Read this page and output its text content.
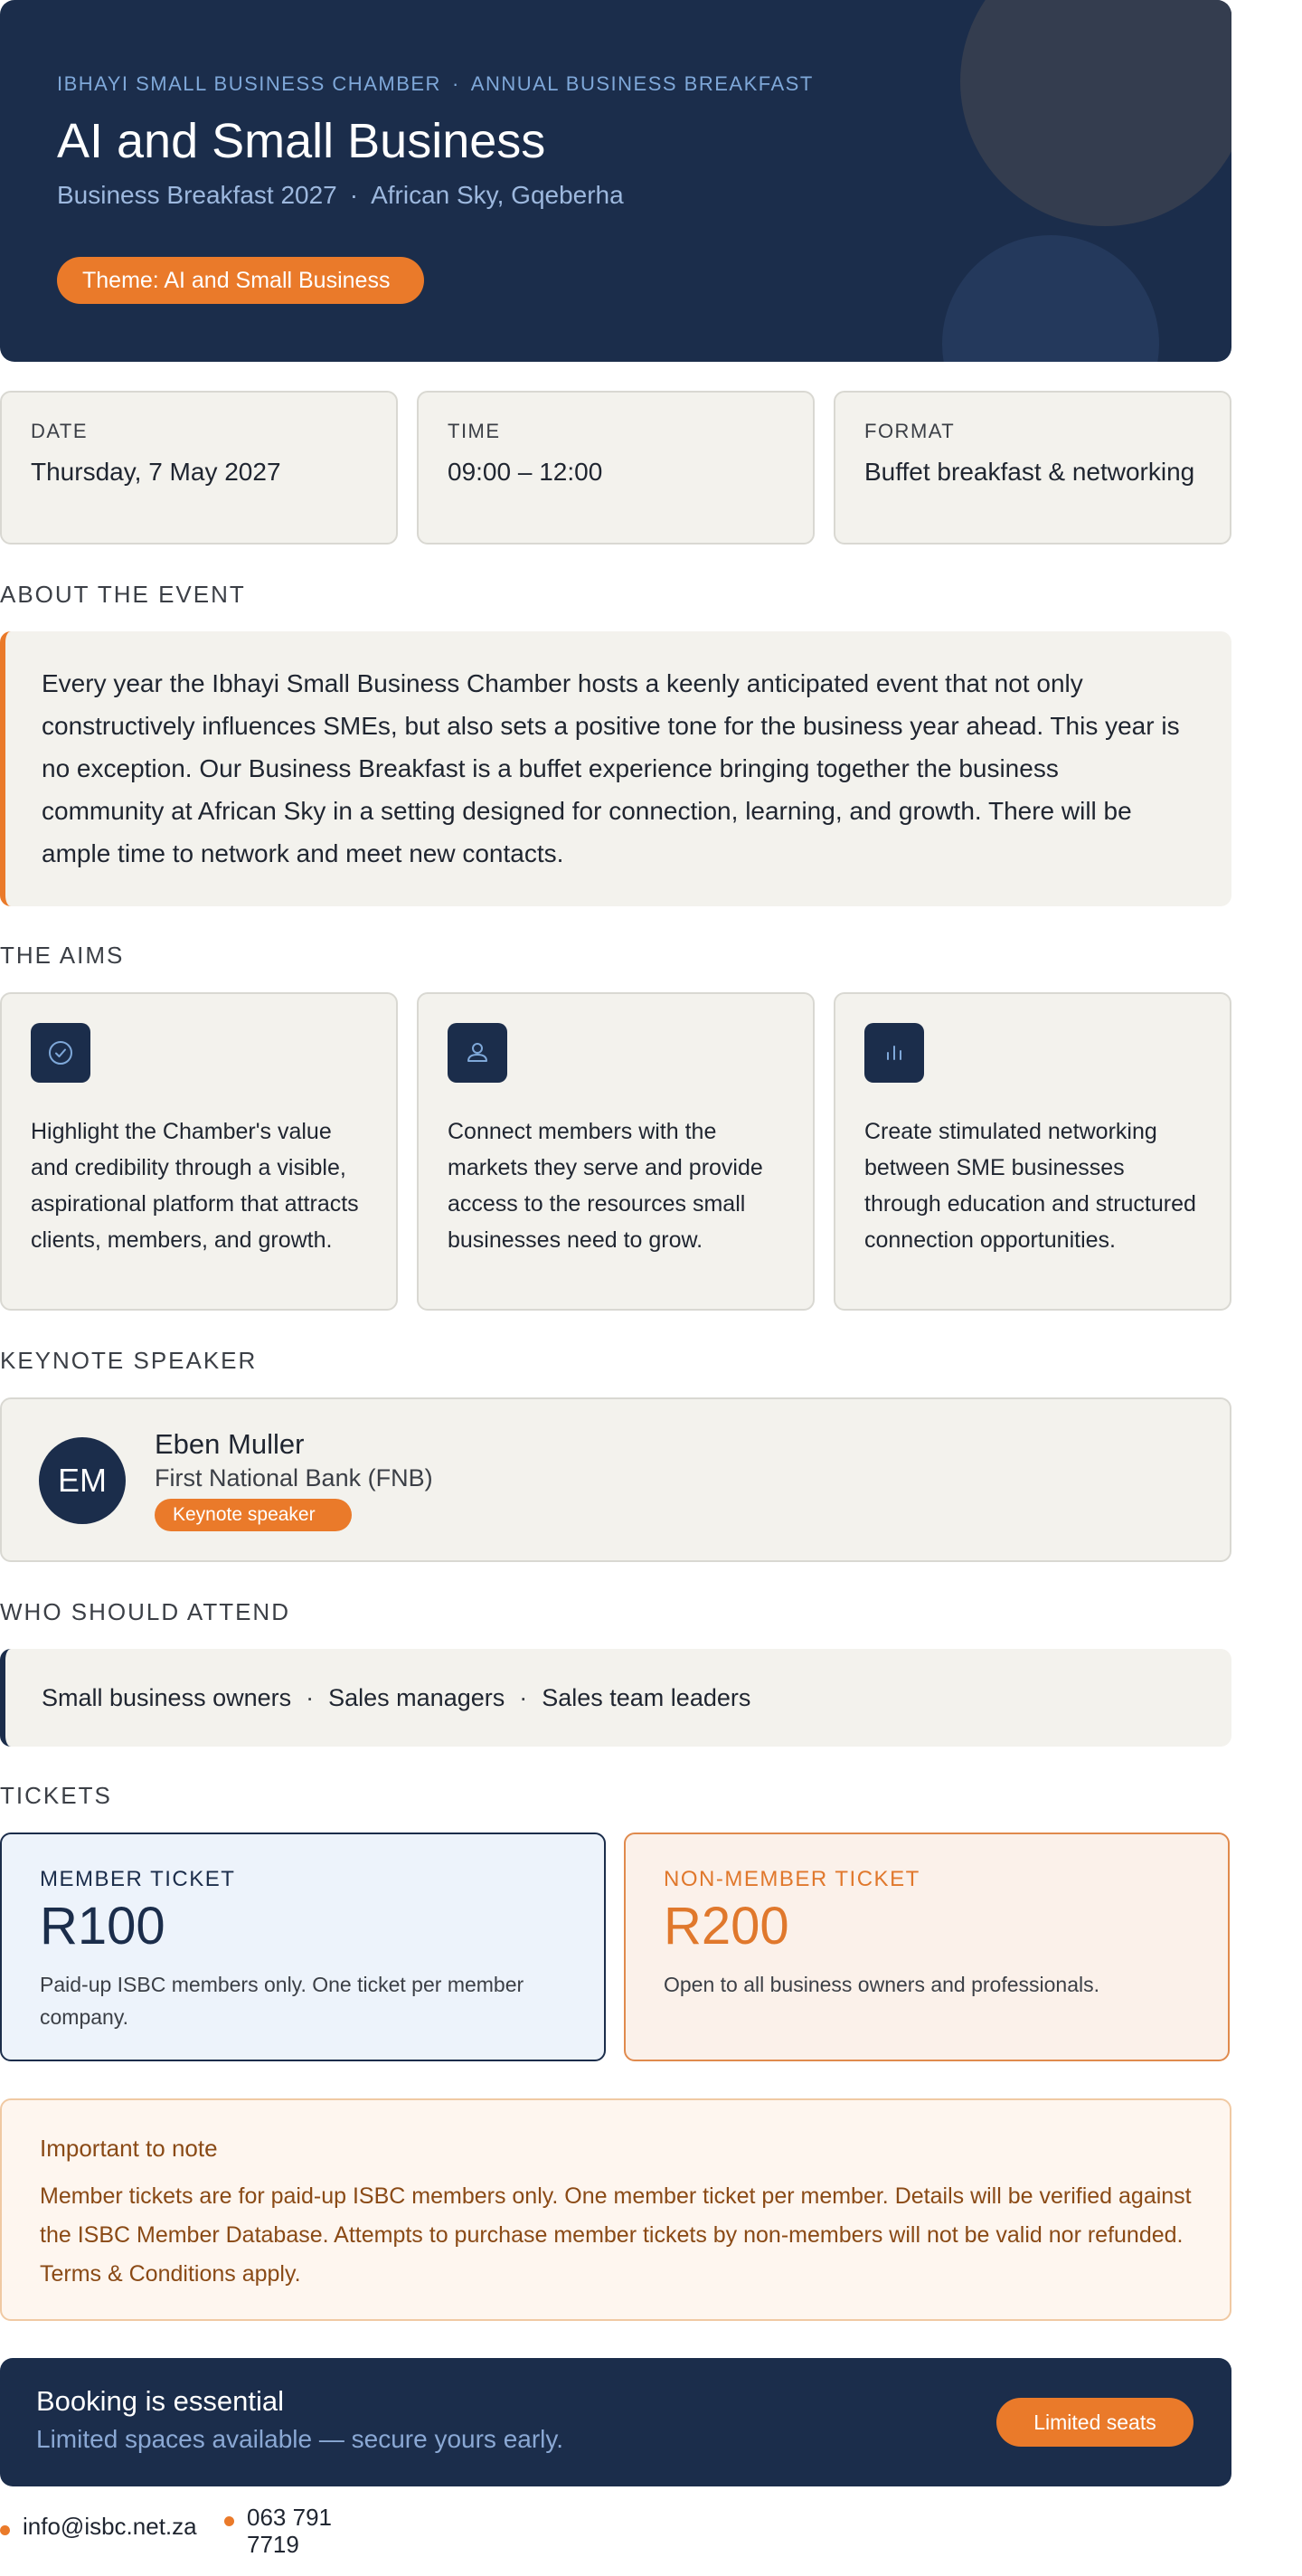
IBHAYI SMALL BUSINESS CHAMBER · ANNUAL BUSINESS BREAKFAST
AI and Small Business
Business Breakfast 2027 · African Sky, Gqeberha
Theme: AI and Small Business
DATE
Thursday, 7 May 2027
TIME
09:00 – 12:00
FORMAT
Buffet breakfast & networking
ABOUT THE EVENT
Every year the Ibhayi Small Business Chamber hosts a keenly anticipated event that not only constructively influences SMEs, but also sets a positive tone for the business year ahead. This year is no exception. Our Business Breakfast is a buffet experience bringing together the business community at African Sky in a setting designed for connection, learning, and growth. There will be ample time to network and meet new contacts.
THE AIMS
Highlight the Chamber's value and credibility through a visible, aspirational platform that attracts clients, members, and growth.
Connect members with the markets they serve and provide access to the resources small businesses need to grow.
Create stimulated networking between SME businesses through education and structured connection opportunities.
KEYNOTE SPEAKER
EM
Eben Muller
First National Bank (FNB)
Keynote speaker
WHO SHOULD ATTEND
Small business owners · Sales managers · Sales team leaders
TICKETS
MEMBER TICKET
R100
Paid-up ISBC members only. One ticket per member company.
NON-MEMBER TICKET
R200
Open to all business owners and professionals.
Important to note
Member tickets are for paid-up ISBC members only. One member ticket per member. Details will be verified against the ISBC Member Database. Attempts to purchase member tickets by non-members will not be valid nor refunded. Terms & Conditions apply.
Booking is essential
Limited spaces available — secure yours early.
Limited seats
info@isbc.net.za 063 791 7719
